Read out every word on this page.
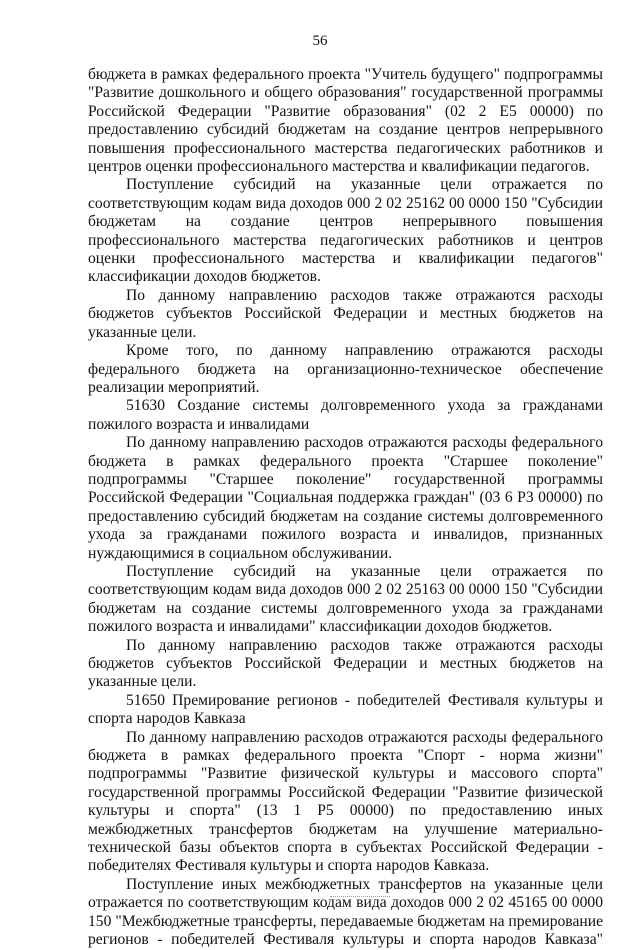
56

бюджета в рамках федерального проекта "Учитель будущего" подпрограммы "Развитие дошкольного и общего образования" государственной программы Российской Федерации "Развитие образования" (02 2 E5 00000) по предоставлению субсидий бюджетам на создание центров непрерывного повышения профессионального мастерства педагогических работников и центров оценки профессионального мастерства и квалификации педагогов.

Поступление субсидий на указанные цели отражается по соответствующим кодам вида доходов 000 2 02 25162 00 0000 150 "Субсидии бюджетам на создание центров непрерывного повышения профессионального мастерства педагогических работников и центров оценки профессионального мастерства и квалификации педагогов" классификации доходов бюджетов.

По данному направлению расходов также отражаются расходы бюджетов субъектов Российской Федерации и местных бюджетов на указанные цели.

Кроме того, по данному направлению отражаются расходы федерального бюджета на организационно-техническое обеспечение реализации мероприятий.

51630 Создание системы долговременного ухода за гражданами пожилого возраста и инвалидами

По данному направлению расходов отражаются расходы федерального бюджета в рамках федерального проекта "Старшее поколение" подпрограммы "Старшее поколение" государственной программы Российской Федерации "Социальная поддержка граждан" (03 6 P3 00000) по предоставлению субсидий бюджетам на создание системы долговременного ухода за гражданами пожилого возраста и инвалидов, признанных нуждающимися в социальном обслуживании.

Поступление субсидий на указанные цели отражается по соответствующим кодам вида доходов 000 2 02 25163 00 0000 150 "Субсидии бюджетам на создание системы долговременного ухода за гражданами пожилого возраста и инвалидами" классификации доходов бюджетов.

По данному направлению расходов также отражаются расходы бюджетов субъектов Российской Федерации и местных бюджетов на указанные цели.

51650 Премирование регионов - победителей Фестиваля культуры и спорта народов Кавказа

По данному направлению расходов отражаются расходы федерального бюджета в рамках федерального проекта "Спорт - норма жизни" подпрограммы "Развитие физической культуры и массового спорта" государственной программы Российской Федерации "Развитие физической культуры и спорта" (13 1 P5 00000) по предоставлению иных межбюджетных трансфертов бюджетам на улучшение материально-технической базы объектов спорта в субъектах Российской Федерации - победителях Фестиваля культуры и спорта народов Кавказа.

Поступление иных межбюджетных трансфертов на указанные цели отражается по соответствующим кодам вида доходов 000 2 02 45165 00 0000 150 "Межбюджетные трансферты, передаваемые бюджетам на премирование регионов - победителей Фестиваля культуры и спорта народов Кавказа"
